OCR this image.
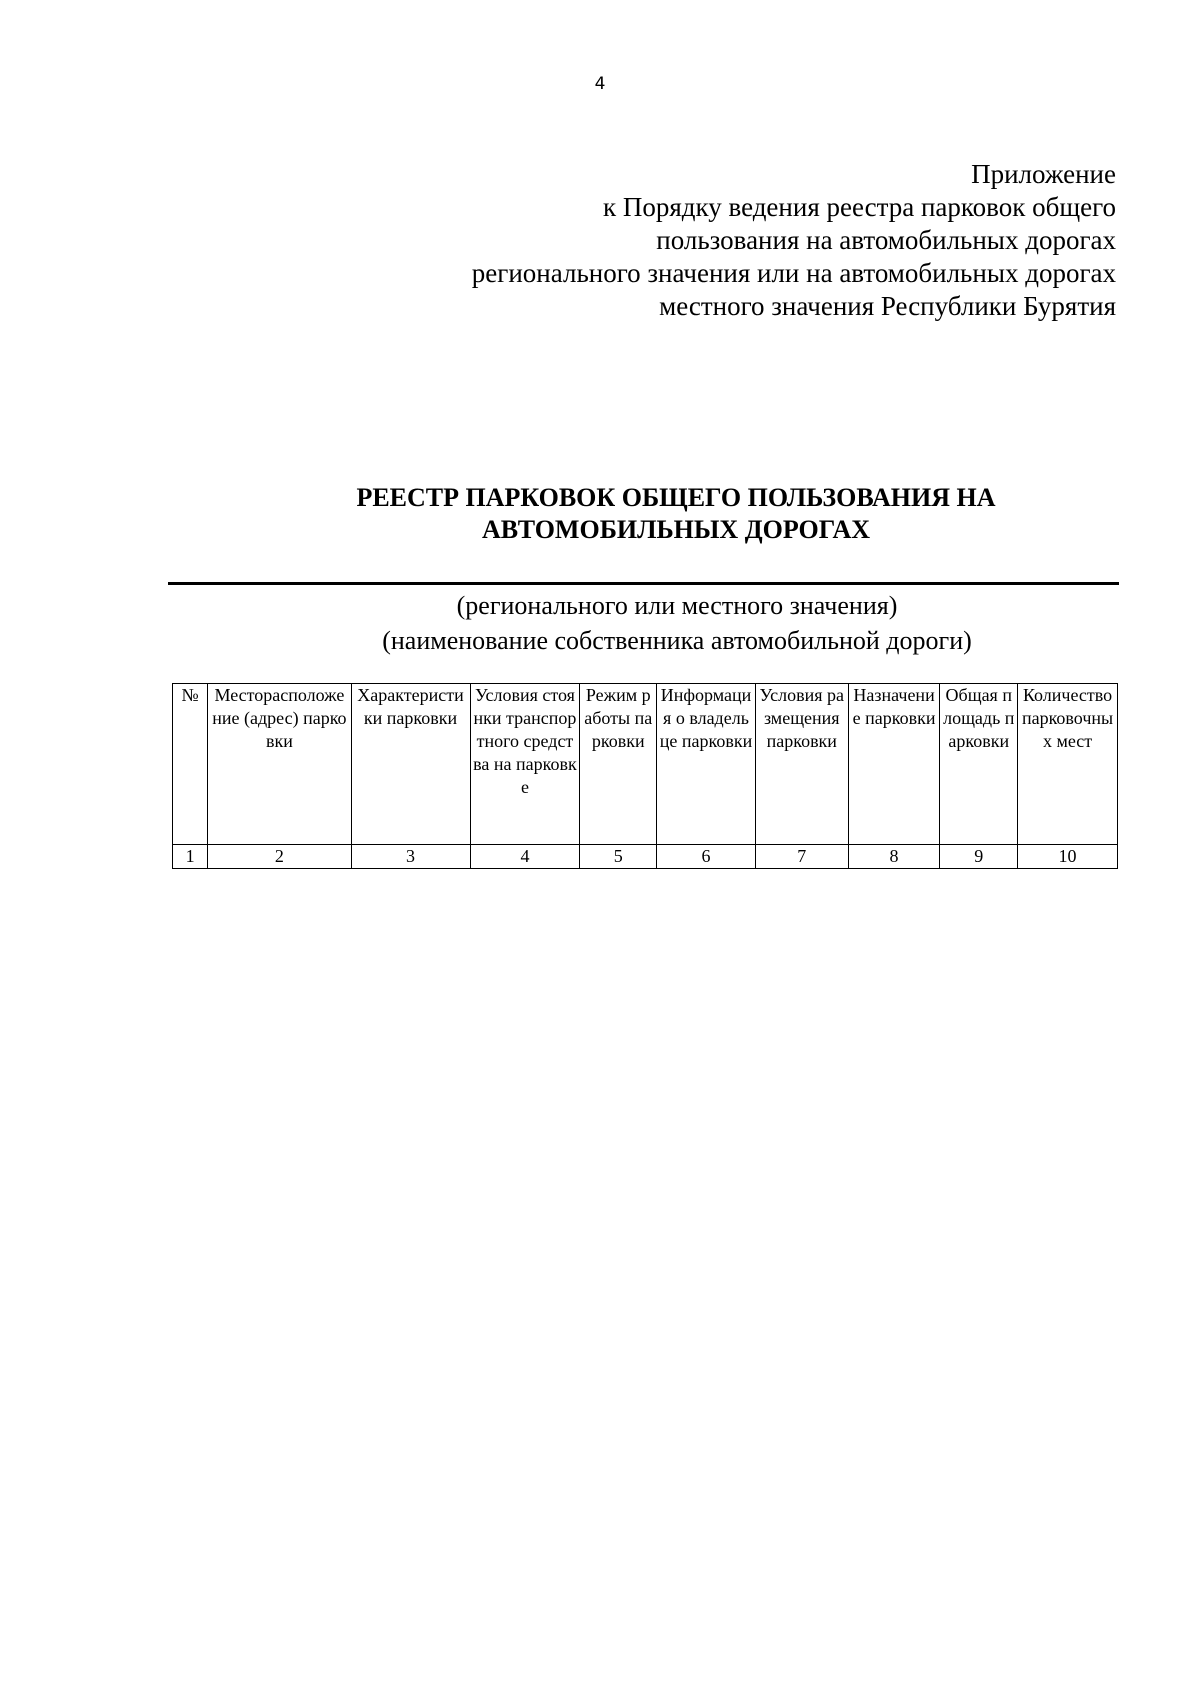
4
Приложение
к Порядку ведения реестра парковок общего
пользования на автомобильных дорогах
регионального значения или на автомобильных дорогах
местного значения Республики Бурятия
РЕЕСТР ПАРКОВОК ОБЩЕГО ПОЛЬЗОВАНИЯ НА
АВТОМОБИЛЬНЫХ ДОРОГАХ
(регионального или местного значения)
(наименование собственника автомобильной дороги)
№	Месторасположение (адрес) парковки	Характеристики парковки	Условия стоянки транспортного средства на парковке	Режим работы парковки	Информация о владельце парковки	Условия размещения парковки	Назначение парковки	Общая площадь парковки	Количество парковочных мест
1	2	3	4	5	6	7	8	9	10
